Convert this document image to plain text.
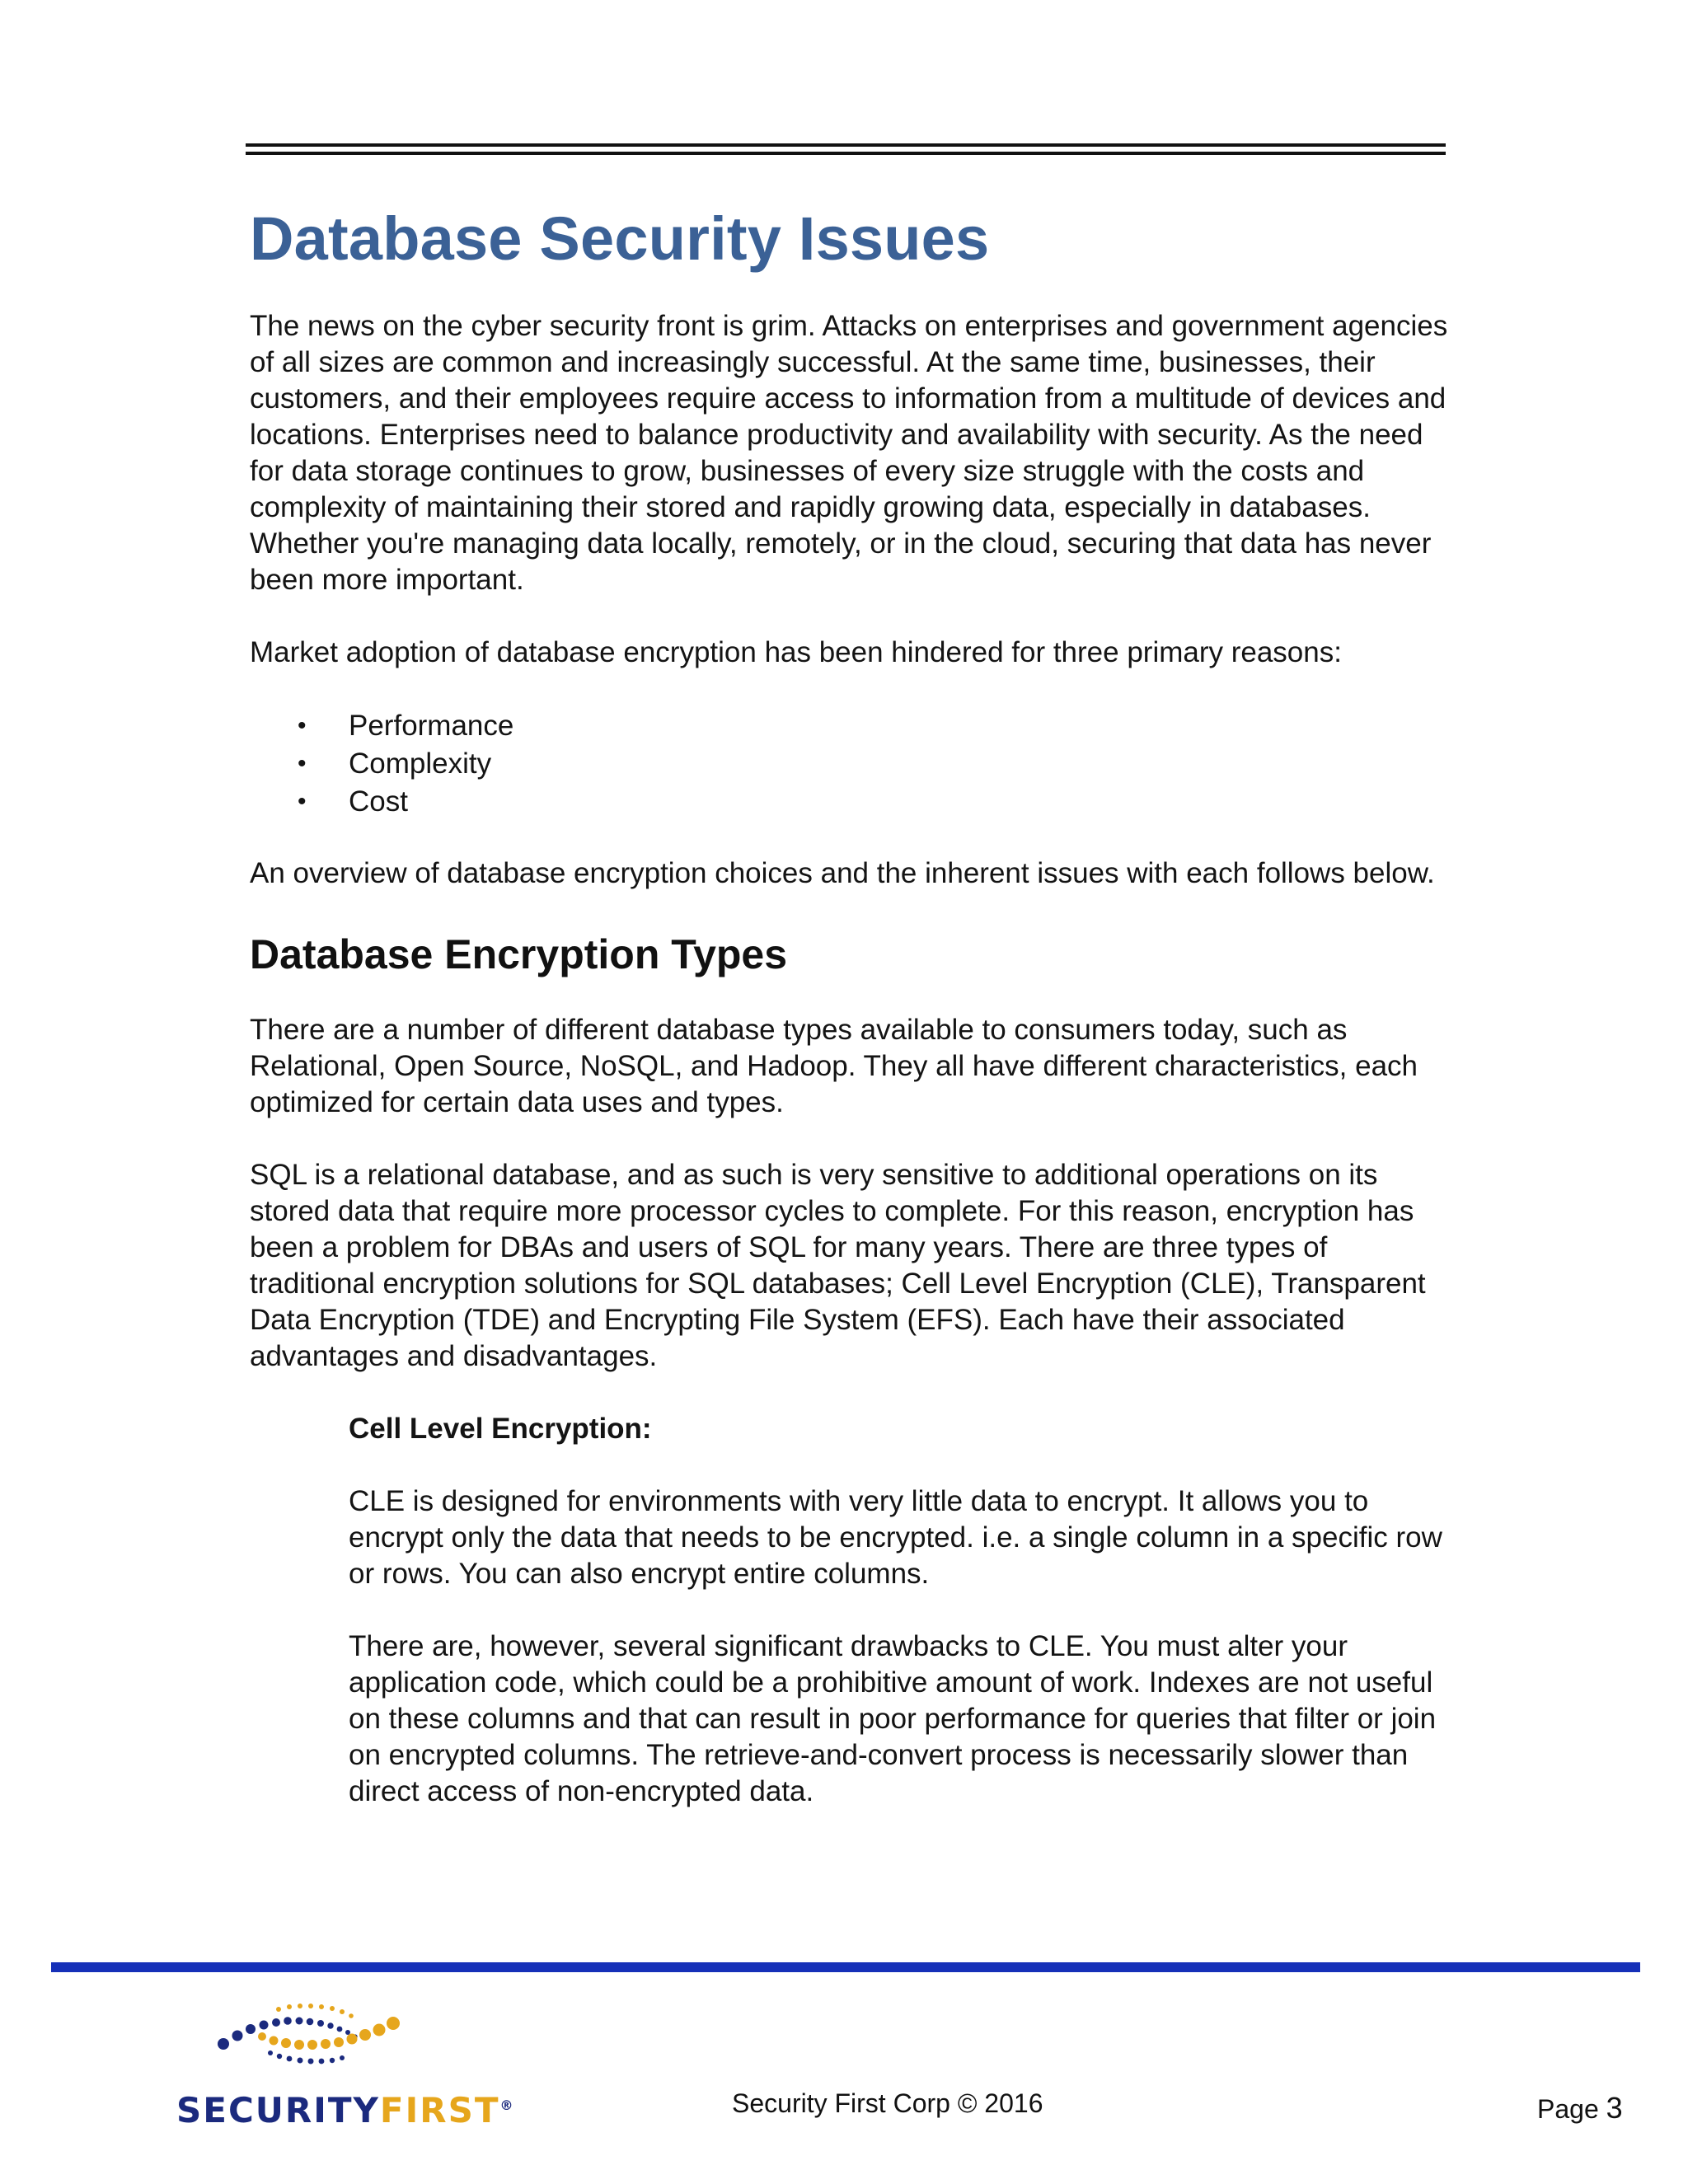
Database Security Issues

The news on the cyber security front is grim. Attacks on enterprises and government agencies of all sizes are common and increasingly successful. At the same time, businesses, their customers, and their employees require access to information from a multitude of devices and locations. Enterprises need to balance productivity and availability with security. As the need for data storage continues to grow, businesses of every size struggle with the costs and complexity of maintaining their stored and rapidly growing data, especially in databases. Whether you're managing data locally, remotely, or in the cloud, securing that data has never been more important.

Market adoption of database encryption has been hindered for three primary reasons:

• Performance
• Complexity
• Cost

An overview of database encryption choices and the inherent issues with each follows below.

Database Encryption Types

There are a number of different database types available to consumers today, such as Relational, Open Source, NoSQL, and Hadoop. They all have different characteristics, each optimized for certain data uses and types.

SQL is a relational database, and as such is very sensitive to additional operations on its stored data that require more processor cycles to complete. For this reason, encryption has been a problem for DBAs and users of SQL for many years. There are three types of traditional encryption solutions for SQL databases; Cell Level Encryption (CLE), Transparent Data Encryption (TDE) and Encrypting File System (EFS). Each have their associated advantages and disadvantages.

Cell Level Encryption:

CLE is designed for environments with very little data to encrypt. It allows you to encrypt only the data that needs to be encrypted. i.e. a single column in a specific row or rows. You can also encrypt entire columns.

There are, however, several significant drawbacks to CLE. You must alter your application code, which could be a prohibitive amount of work. Indexes are not useful on these columns and that can result in poor performance for queries that filter or join on encrypted columns. The retrieve-and-convert process is necessarily slower than direct access of non-encrypted data.

SECURITYFIRST®	Security First Corp © 2016	Page 3
